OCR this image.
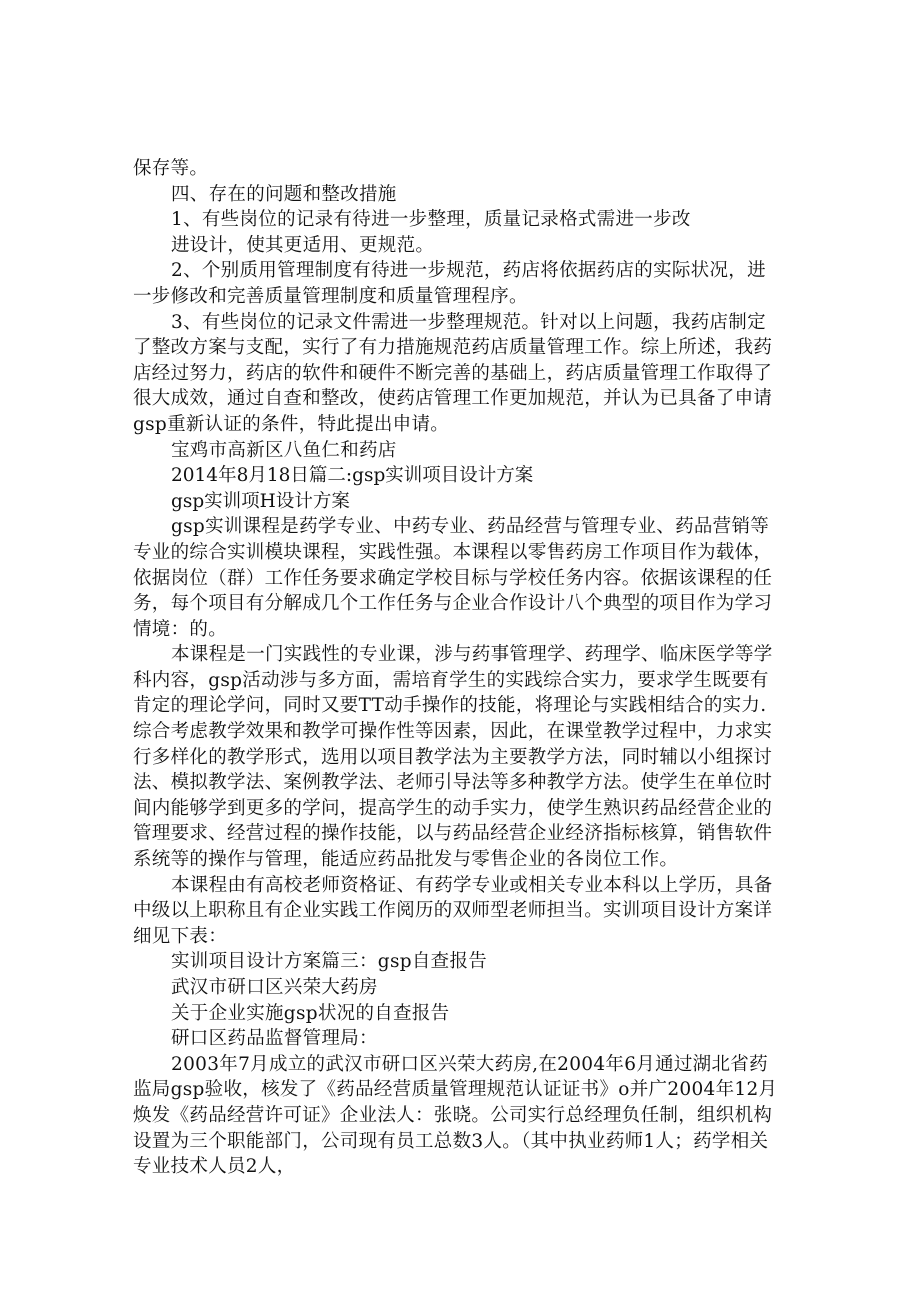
保存等。

四、存在的问题和整改措施

1、有些岗位的记录有待进一步整理，质量记录格式需进一步改

进设计，使其更适用、更规范。

2、个别质用管理制度有待进一步规范，药店将依据药店的实际状况，进一步修改和完善质量管理制度和质量管理程序。

3、有些岗位的记录文件需进一步整理规范。针对以上问题，我药店制定了整改方案与支配，实行了有力措施规范药店质量管理工作。综上所述，我药店经过努力，药店的软件和硬件不断完善的基础上，药店质量管理工作取得了很大成效，通过自查和整改，使药店管理工作更加规范，并认为已具备了申请gsp重新认证的条件，特此提出申请。

宝鸡市高新区八鱼仁和药店

2014年8月18日篇二:gsp实训项目设计方案

gsp实训项H设计方案

gsp实训课程是药学专业、中药专业、药品经营与管理专业、药品营销等专业的综合实训模块课程，实践性强。本课程以零售药房工作项目作为载体，依据岗位（群）工作任务要求确定学校目标与学校任务内容。依据该课程的任务，每个项目有分解成几个工作任务与企业合作设计八个典型的项目作为学习情境：的。

本课程是一门实践性的专业课，涉与药事管理学、药理学、临床医学等学科内容，gsp活动涉与多方面，需培育学生的实践综合实力，要求学生既要有肯定的理论学问，同时又要TT动手操作的技能，将理论与实践相结合的实力.综合考虑教学效果和教学可操作性等因素，因此，在课堂教学过程中，力求实行多样化的教学形式，选用以项目教学法为主要教学方法，同时辅以小组探讨法、模拟教学法、案例教学法、老师引导法等多种教学方法。使学生在单位时间内能够学到更多的学问，提高学生的动手实力，使学生熟识药品经营企业的管理要求、经营过程的操作技能，以与药品经营企业经济指标核算，销售软件系统等的操作与管理，能适应药品批发与零售企业的各岗位工作。

本课程由有高校老师资格证、有药学专业或相关专业本科以上学历，具备中级以上职称且有企业实践工作阅历的双师型老师担当。实训项目设计方案详细见下表：

实训项目设计方案篇三：gsp自查报告

武汉市研口区兴荣大药房

关于企业实施gsp状况的自查报告

研口区药品监督管理局：

2003年7月成立的武汉市研口区兴荣大药房,在2004年6月通过湖北省药监局gsp验收，核发了《药品经营质量管理规范认证证书》o并广2004年12月焕发《药品经营许可证》企业法人：张晓。公司实行总经理负任制，组织机构设置为三个职能部门，公司现有员工总数3人。（其中执业药师1人；药学相关专业技术人员2人，
